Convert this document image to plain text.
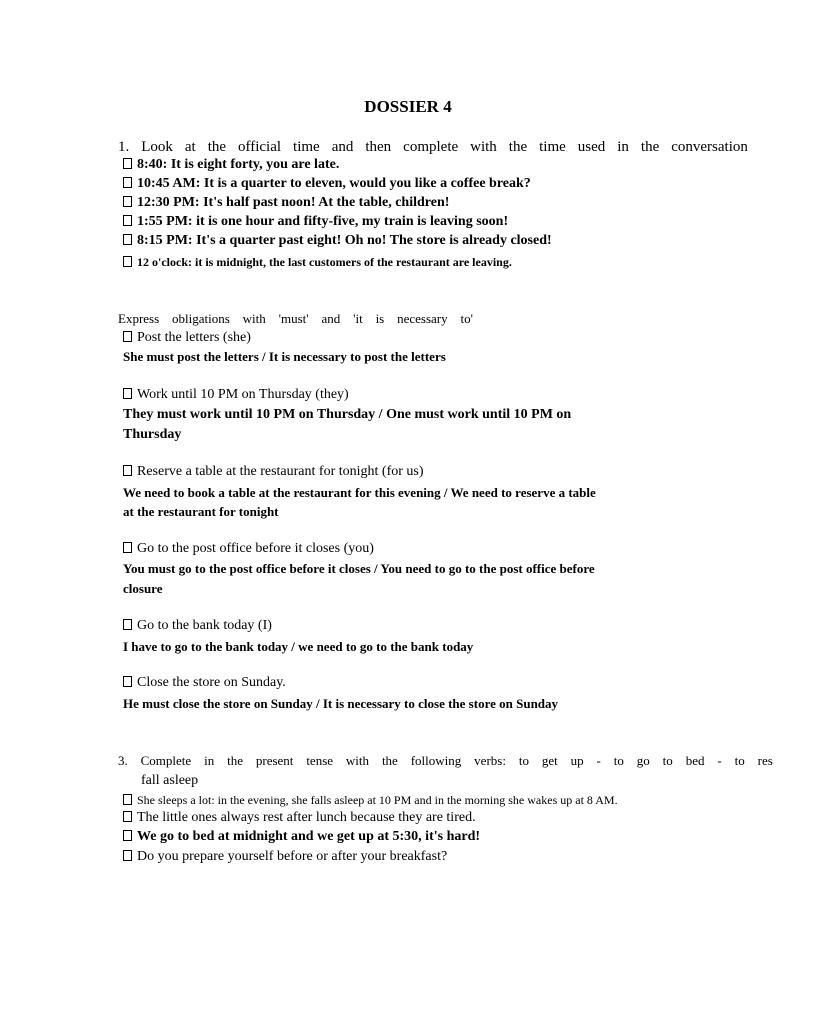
DOSSIER 4
1. Look at the official time and then complete with the time used in the conversation
8:40: It is eight forty, you are late.
10:45 AM: It is a quarter to eleven, would you like a coffee break?
12:30 PM: It's half past noon! At the table, children!
1:55 PM: it is one hour and fifty-five, my train is leaving soon!
8:15 PM: It's a quarter past eight! Oh no! The store is already closed!
12 o'clock: it is midnight, the last customers of the restaurant are leaving.
Express obligations with 'must' and 'it is necessary to'
Post the letters (she)
She must post the letters / It is necessary to post the letters
Work until 10 PM on Thursday (they)
They must work until 10 PM on Thursday / One must work until 10 PM on
Thursday
Reserve a table at the restaurant for tonight (for us)
We need to book a table at the restaurant for this evening / We need to reserve a table
at the restaurant for tonight
Go to the post office before it closes (you)
You must go to the post office before it closes / You need to go to the post office before
closure
Go to the bank today (I)
I have to go to the bank today / we need to go to the bank today
Close the store on Sunday.
He must close the store on Sunday / It is necessary to close the store on Sunday
3. Complete in the present tense with the following verbs: to get up - to go to bed - to res
fall asleep
She sleeps a lot: in the evening, she falls asleep at 10 PM and in the morning she wakes up at 8 AM.
The little ones always rest after lunch because they are tired.
We go to bed at midnight and we get up at 5:30, it's hard!
Do you prepare yourself before or after your breakfast?
